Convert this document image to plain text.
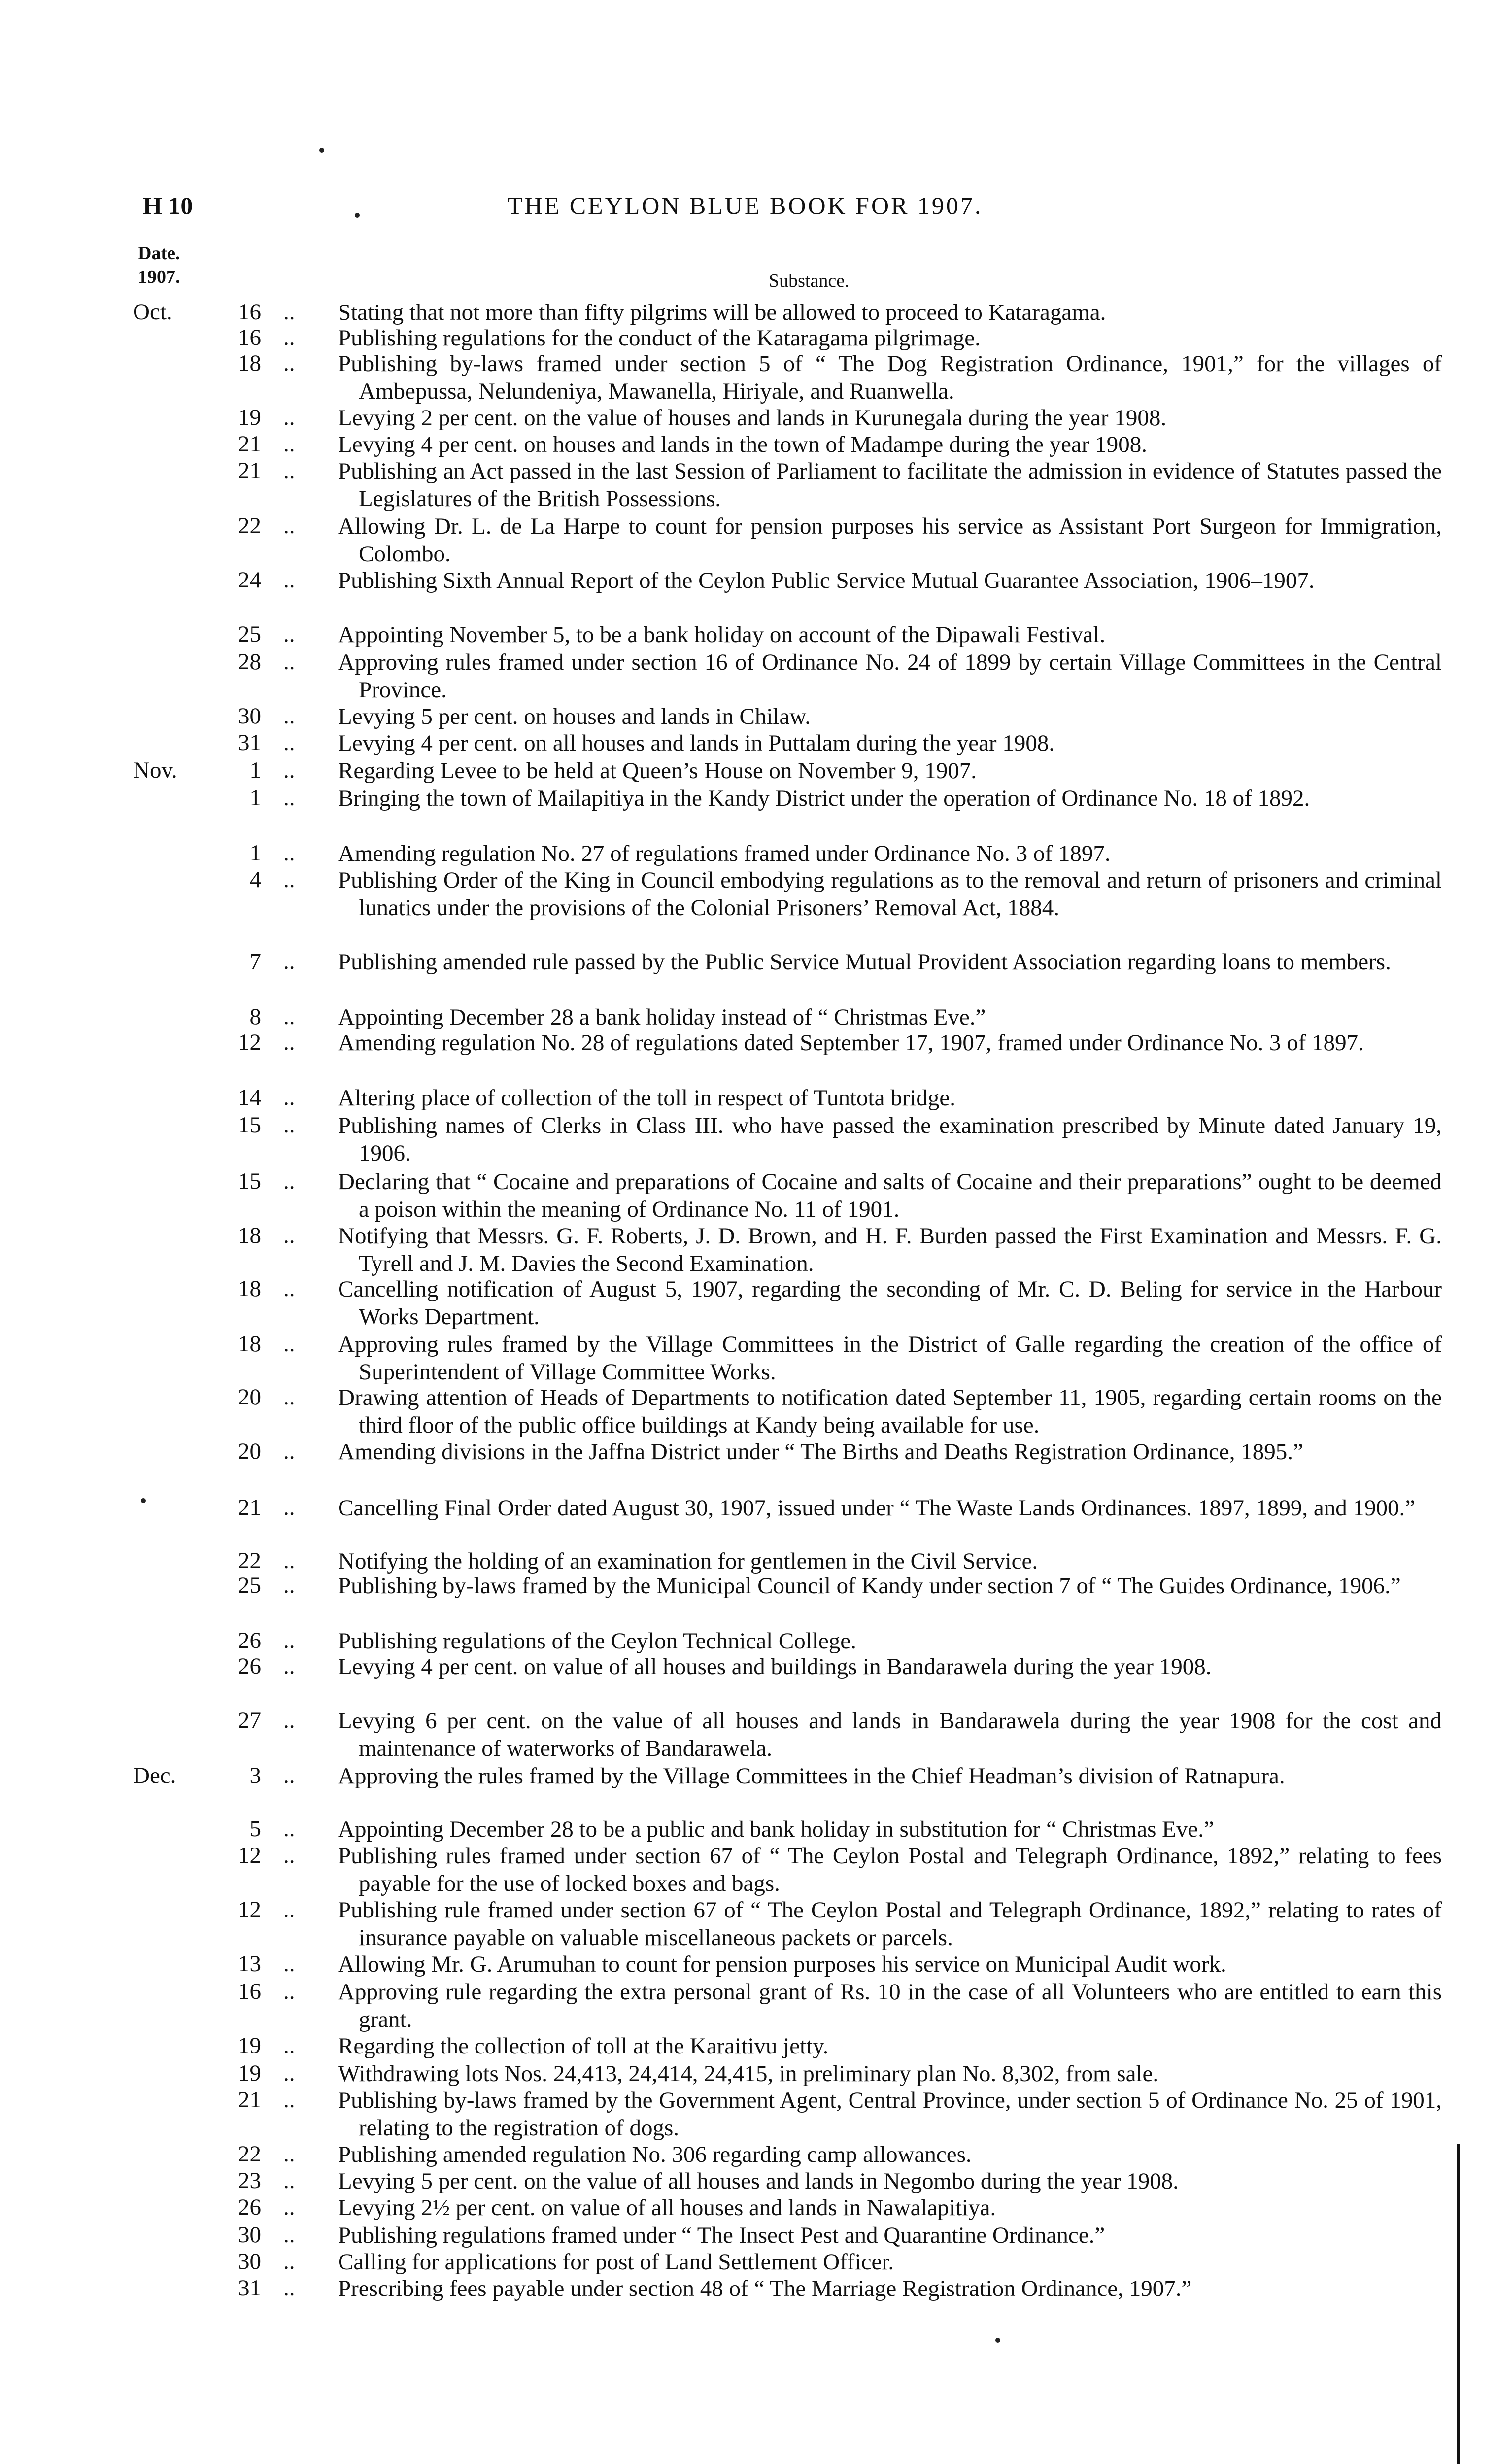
H 10	THE CEYLON BLUE BOOK FOR 1907.
Date.
1907.	Substance.
Oct.	16 .. Stating that not more than fifty pilgrims will be allowed to proceed to Kataragama.
16 .. Publishing regulations for the conduct of the Kataragama pilgrimage.
18 .. Publishing by-laws framed under section 5 of “ The Dog Registration Ordinance, 1901,” for the villages of Ambepussa, Nelundeniya, Mawanella, Hiriyale, and Ruanwella.
19 .. Levying 2 per cent. on the value of houses and lands in Kurunegala during the year 1908.
21 .. Levying 4 per cent. on houses and lands in the town of Madampe during the year 1908.
21 .. Publishing an Act passed in the last Session of Parliament to facilitate the admission in evidence of Statutes passed the Legislatures of the British Possessions.
22 .. Allowing Dr. L. de La Harpe to count for pension purposes his service as Assistant Port Surgeon for Immigration, Colombo.
24 .. Publishing Sixth Annual Report of the Ceylon Public Service Mutual Guarantee Association, 1906–1907.
25 .. Appointing November 5, to be a bank holiday on account of the Dipawali Festival.
28 .. Approving rules framed under section 16 of Ordinance No. 24 of 1899 by certain Village Committees in the Central Province.
30 .. Levying 5 per cent. on houses and lands in Chilaw.
31 .. Levying 4 per cent. on all houses and lands in Puttalam during the year 1908.
Nov.	1 .. Regarding Levee to be held at Queen’s House on November 9, 1907.
1 .. Bringing the town of Mailapitiya in the Kandy District under the operation of Ordinance No. 18 of 1892.
1 .. Amending regulation No. 27 of regulations framed under Ordinance No. 3 of 1897.
4 .. Publishing Order of the King in Council embodying regulations as to the removal and return of prisoners and criminal lunatics under the provisions of the Colonial Prisoners’ Removal Act, 1884.
7 .. Publishing amended rule passed by the Public Service Mutual Provident Association regarding loans to members.
8 .. Appointing December 28 a bank holiday instead of “ Christmas Eve.”
12 .. Amending regulation No. 28 of regulations dated September 17, 1907, framed under Ordinance No. 3 of 1897.
14 .. Altering place of collection of the toll in respect of Tuntota bridge.
15 .. Publishing names of Clerks in Class III. who have passed the examination prescribed by Minute dated January 19, 1906.
15 .. Declaring that “ Cocaine and preparations of Cocaine and salts of Cocaine and their preparations” ought to be deemed a poison within the meaning of Ordinance No. 11 of 1901.
18 .. Notifying that Messrs. G. F. Roberts, J. D. Brown, and H. F. Burden passed the First Examination and Messrs. F. G. Tyrell and J. M. Davies the Second Examination.
18 .. Cancelling notification of August 5, 1907, regarding the seconding of Mr. C. D. Beling for service in the Harbour Works Department.
18 .. Approving rules framed by the Village Committees in the District of Galle regarding the creation of the office of Superintendent of Village Committee Works.
20 .. Drawing attention of Heads of Departments to notification dated September 11, 1905, regarding certain rooms on the third floor of the public office buildings at Kandy being available for use.
20 .. Amending divisions in the Jaffna District under “ The Births and Deaths Registration Ordinance, 1895.”
21 .. Cancelling Final Order dated August 30, 1907, issued under “ The Waste Lands Ordinances. 1897, 1899, and 1900.”
22 .. Notifying the holding of an examination for gentlemen in the Civil Service.
25 .. Publishing by-laws framed by the Municipal Council of Kandy under section 7 of “ The Guides Ordinance, 1906.”
26 .. Publishing regulations of the Ceylon Technical College.
26 .. Levying 4 per cent. on value of all houses and buildings in Bandarawela during the year 1908.
27 .. Levying 6 per cent. on the value of all houses and lands in Bandarawela during the year 1908 for the cost and maintenance of waterworks of Bandarawela.
Dec.	3 .. Approving the rules framed by the Village Committees in the Chief Headman’s division of Ratnapura.
5 .. Appointing December 28 to be a public and bank holiday in substitution for “ Christmas Eve.”
12 .. Publishing rules framed under section 67 of “ The Ceylon Postal and Telegraph Ordinance, 1892,” relating to fees payable for the use of locked boxes and bags.
12 .. Publishing rule framed under section 67 of “ The Ceylon Postal and Telegraph Ordinance, 1892,” relating to rates of insurance payable on valuable miscellaneous packets or parcels.
13 .. Allowing Mr. G. Arumuhan to count for pension purposes his service on Municipal Audit work.
16 .. Approving rule regarding the extra personal grant of Rs. 10 in the case of all Volunteers who are entitled to earn this grant.
19 .. Regarding the collection of toll at the Karaitivu jetty.
19 .. Withdrawing lots Nos. 24,413, 24,414, 24,415, in preliminary plan No. 8,302, from sale.
21 .. Publishing by-laws framed by the Government Agent, Central Province, under section 5 of Ordinance No. 25 of 1901, relating to the registration of dogs.
22 .. Publishing amended regulation No. 306 regarding camp allowances.
23 .. Levying 5 per cent. on the value of all houses and lands in Negombo during the year 1908.
26 .. Levying 2½ per cent. on value of all houses and lands in Nawalapitiya.
30 .. Publishing regulations framed under “ The Insect Pest and Quarantine Ordinance.”
30 .. Calling for applications for post of Land Settlement Officer.
31 .. Prescribing fees payable under section 48 of “ The Marriage Registration Ordinance, 1907.”
